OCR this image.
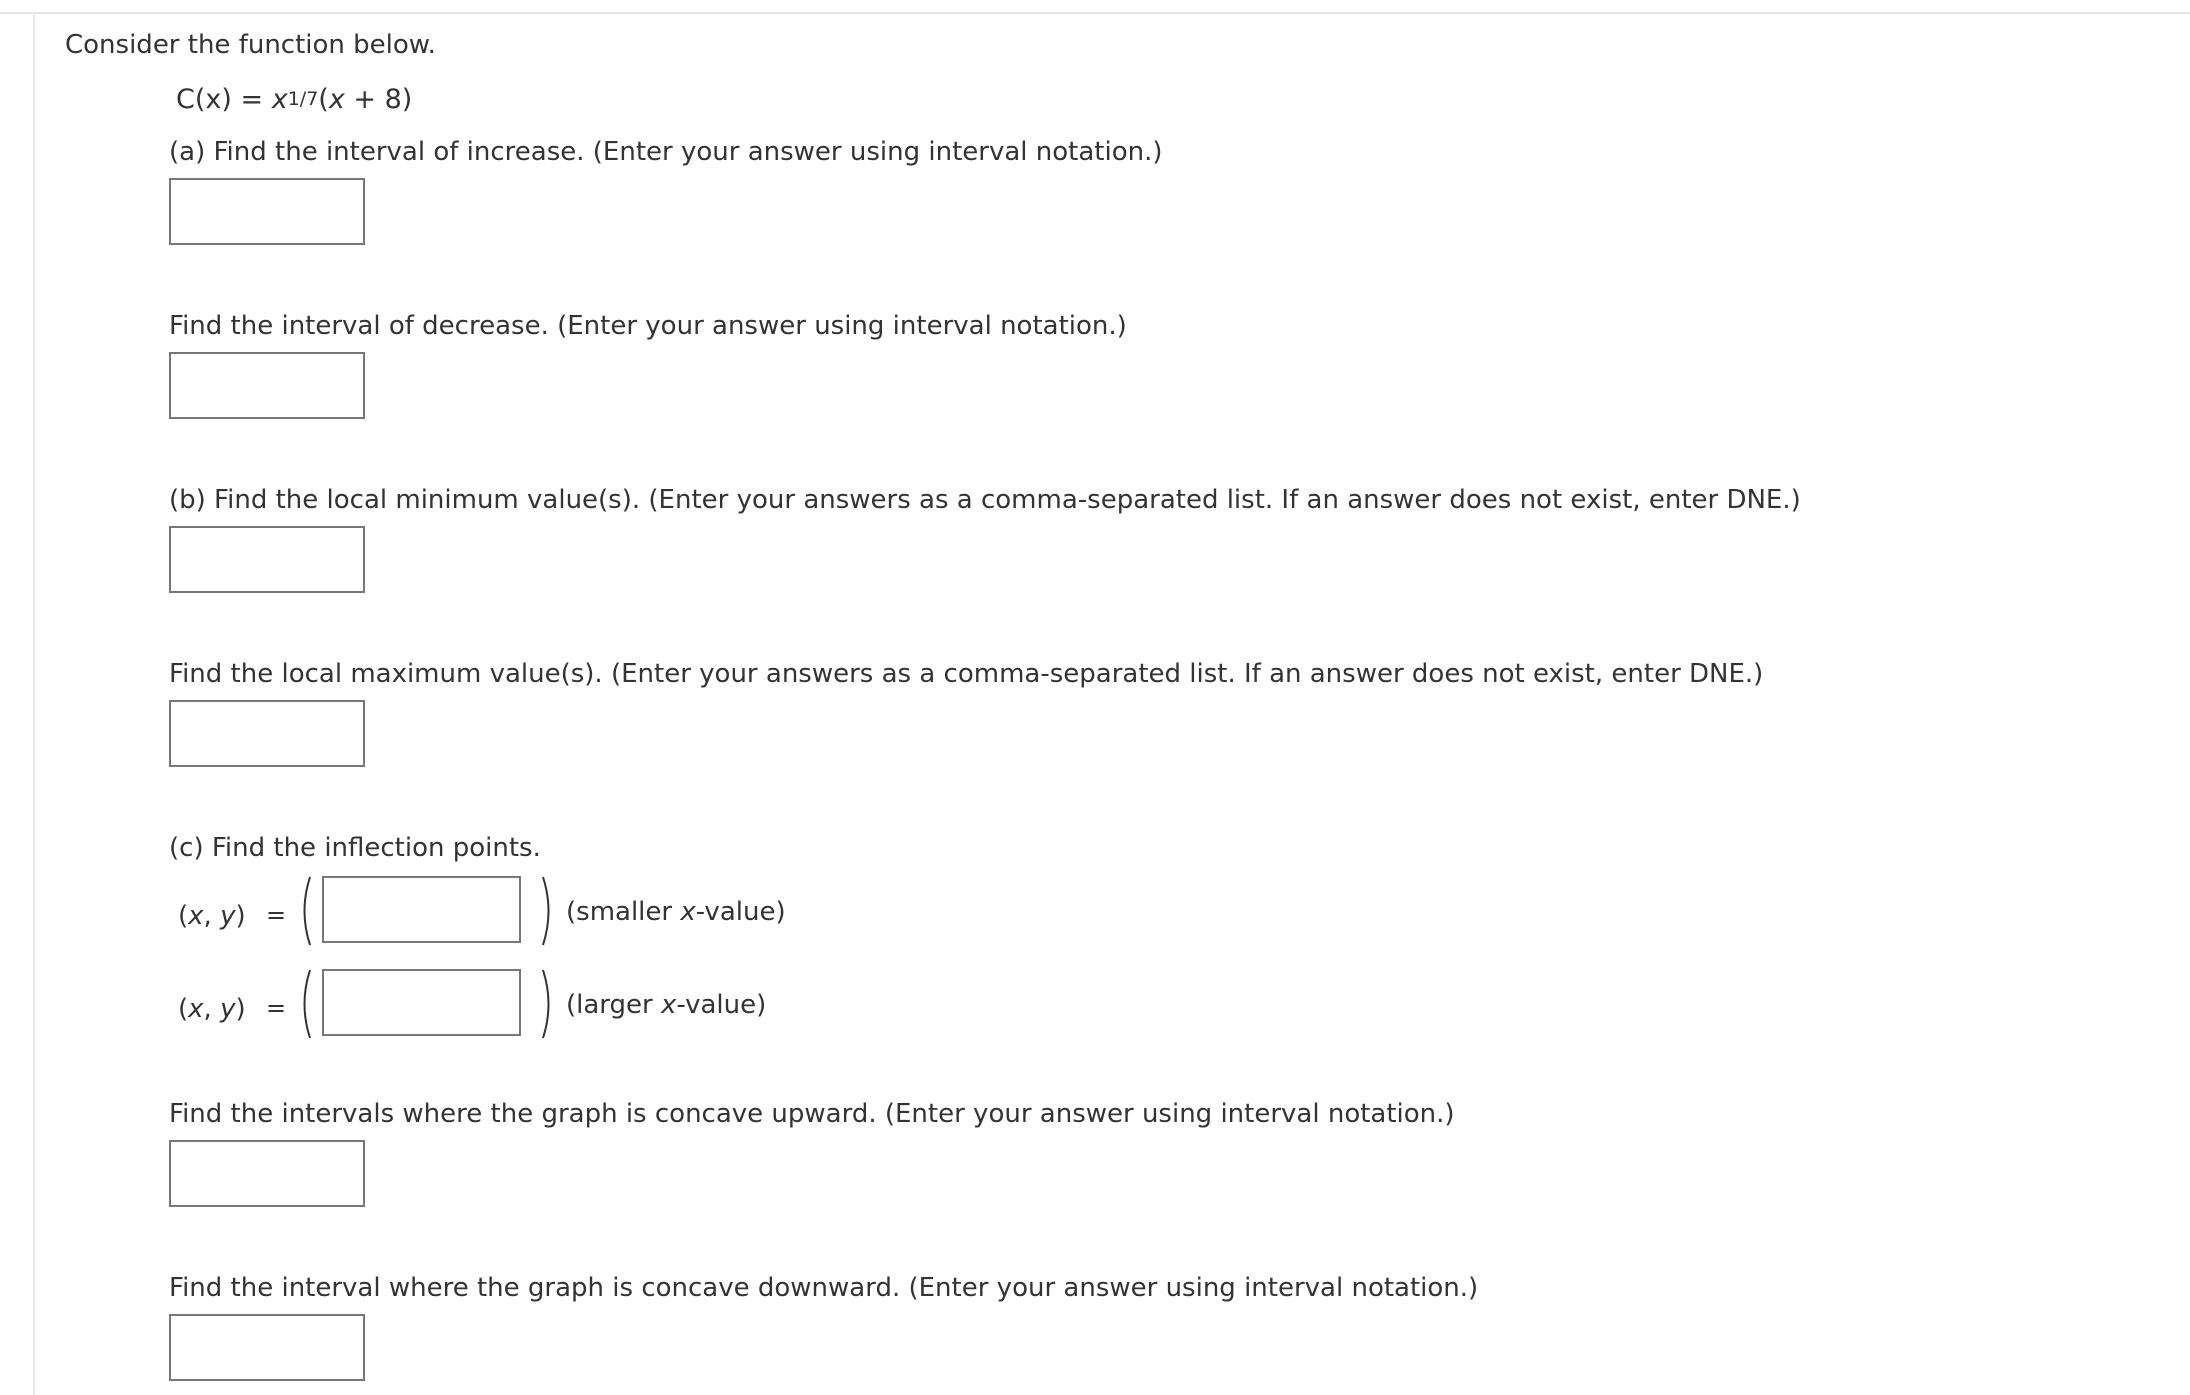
Consider the function below.
$C(x) = x^{1/7}(x + 8)$
(a) Find the interval of increase. (Enter your answer using interval notation.)
Find the interval of decrease. (Enter your answer using interval notation.)
(b) Find the local minimum value(s). (Enter your answers as a comma-separated list. If an answer does not exist, enter DNE.)
Find the local maximum value(s). (Enter your answers as a comma-separated list. If an answer does not exist, enter DNE.)
(c) Find the inflection points.
(x, y) =	(smaller x-value)
(x, y) =	(larger x-value)
Find the intervals where the graph is concave upward. (Enter your answer using interval notation.)
Find the interval where the graph is concave downward. (Enter your answer using interval notation.)
